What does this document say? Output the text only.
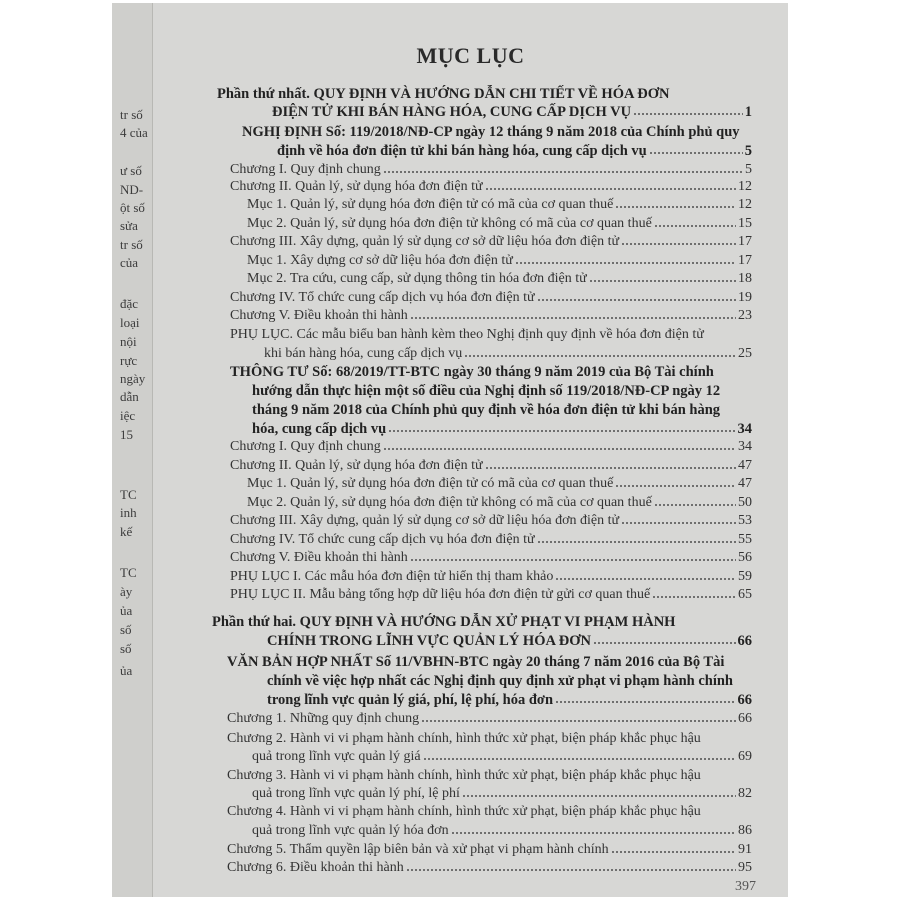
tr số
4 của
ư số
ND-
ột số
sửa
tr số
của
đặc
loại
nội
rực
ngày
dẫn
iệc
15
TC
inh
kế
TC
ày
ủa
số
số
ủa
MỤC LỤC
Phần thứ nhất. QUY ĐỊNH VÀ HƯỚNG DẪN CHI TIẾT VỀ HÓA ĐƠN
ĐIỆN TỬ KHI BÁN HÀNG HÓA, CUNG CẤP DỊCH VỤ	1
NGHỊ ĐỊNH Số: 119/2018/NĐ-CP ngày 12 tháng 9 năm 2018 của Chính phủ quy
định về hóa đơn điện tử khi bán hàng hóa, cung cấp dịch vụ	5
Chương I. Quy định chung	5
Chương II. Quản lý, sử dụng hóa đơn điện tử	12
Mục 1. Quản lý, sử dụng hóa đơn điện tử có mã của cơ quan thuế	12
Mục 2. Quản lý, sử dụng hóa đơn điện tử không có mã của cơ quan thuế	15
Chương III. Xây dựng, quản lý sử dụng cơ sở dữ liệu hóa đơn điện tử	17
Mục 1. Xây dựng cơ sở dữ liệu hóa đơn điện tử	17
Mục 2. Tra cứu, cung cấp, sử dụng thông tin hóa đơn điện tử	18
Chương IV. Tổ chức cung cấp dịch vụ hóa đơn điện tử	19
Chương V. Điều khoản thi hành	23
PHỤ LỤC. Các mẫu biểu ban hành kèm theo Nghị định quy định về hóa đơn điện tử
khi bán hàng hóa, cung cấp dịch vụ	25
THÔNG TƯ Số: 68/2019/TT-BTC ngày 30 tháng 9 năm 2019 của Bộ Tài chính
hướng dẫn thực hiện một số điều của Nghị định số 119/2018/NĐ-CP ngày 12
tháng 9 năm 2018 của Chính phủ quy định về hóa đơn điện tử khi bán hàng
hóa, cung cấp dịch vụ	34
Chương I. Quy định chung	34
Chương II. Quản lý, sử dụng hóa đơn điện tử	47
Mục 1. Quản lý, sử dụng hóa đơn điện tử có mã của cơ quan thuế	47
Mục 2. Quản lý, sử dụng hóa đơn điện tử không có mã của cơ quan thuế	50
Chương III. Xây dựng, quản lý sử dụng cơ sở dữ liệu hóa đơn điện tử	53
Chương IV. Tổ chức cung cấp dịch vụ hóa đơn điện tử	55
Chương V. Điều khoản thi hành	56
PHỤ LỤC I. Các mẫu hóa đơn điện tử hiển thị tham khảo	59
PHỤ LỤC II. Mẫu bảng tổng hợp dữ liệu hóa đơn điện tử gửi cơ quan thuế	65
Phần thứ hai. QUY ĐỊNH VÀ HƯỚNG DẪN XỬ PHẠT VI PHẠM HÀNH
CHÍNH TRONG LĨNH VỰC QUẢN LÝ HÓA ĐƠN	66
VĂN BẢN HỢP NHẤT Số 11/VBHN-BTC ngày 20 tháng 7 năm 2016 của Bộ Tài
chính về việc hợp nhất các Nghị định quy định xử phạt vi phạm hành chính
trong lĩnh vực quản lý giá, phí, lệ phí, hóa đơn	66
Chương 1. Những quy định chung	66
Chương 2. Hành vi vi phạm hành chính, hình thức xử phạt, biện pháp khắc phục hậu
quả trong lĩnh vực quản lý giá	69
Chương 3. Hành vi vi phạm hành chính, hình thức xử phạt, biện pháp khắc phục hậu
quả trong lĩnh vực quản lý phí, lệ phí	82
Chương 4. Hành vi vi phạm hành chính, hình thức xử phạt, biện pháp khắc phục hậu
quả trong lĩnh vực quản lý hóa đơn	86
Chương 5. Thẩm quyền lập biên bản và xử phạt vi phạm hành chính	91
Chương 6. Điều khoản thi hành	95
397
